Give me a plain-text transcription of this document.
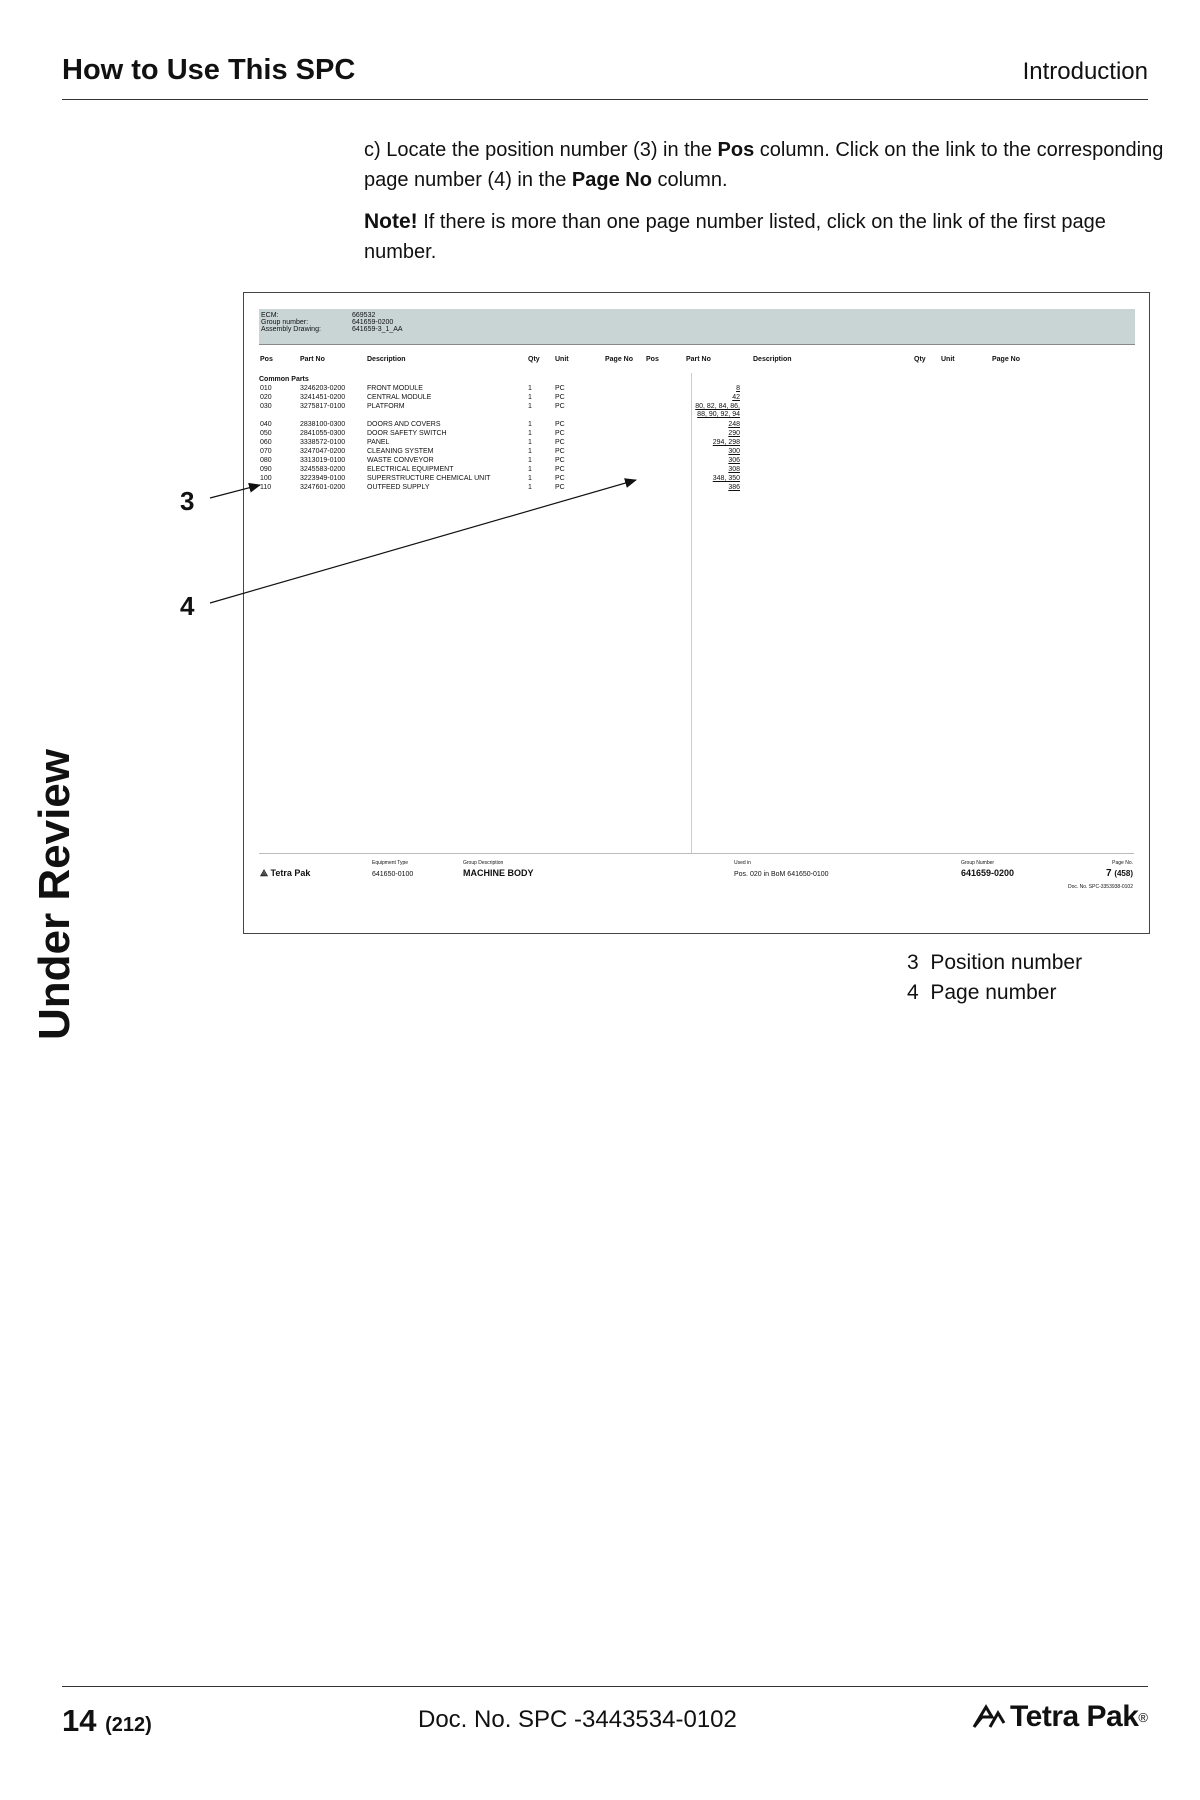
How to Use This SPC	Introduction
c) Locate the position number (3) in the Pos column. Click on the link to the corresponding page number (4) in the Page No column.
Note! If there is more than one page number listed, click on the link of the first page number.
Under Review
Common Parts
⟁ Tetra Pak
Equipment Type
641650-0100
Group Description
MACHINE BODY
Used in
Pos. 020 in BoM 641650-0100
Group Number
641659-0200
Page No.
7 (458)
Doc. No. SPC-3353938-0102
ECM:	669532
Group number:	641659-0200
Assembly Drawing:	641659-3_1_AA
Pos	Pos
Part No	Part No
Description	Description
Qty	Qty
Unit	Unit
Page No	Page No
010	3246203-0200	FRONT MODULE	1	PC	8
020	3241451-0200	CENTRAL MODULE	1	PC	42
030	3275817-0100	PLATFORM	1	PC	80, 82, 84, 86,
88, 90, 92, 94
040	2838100-0300	DOORS AND COVERS	1	PC	248
050	2841055-0300	DOOR SAFETY SWITCH	1	PC	290
060	3338572-0100	PANEL	1	PC	294, 298
070	3247047-0200	CLEANING SYSTEM	1	PC	300
080	3313019-0100	WASTE CONVEYOR	1	PC	306
090	3245583-0200	ELECTRICAL EQUIPMENT	1	PC	308
100	3223949-0100	SUPERSTRUCTURE CHEMICAL UNIT	1	PC	348, 350
110	3247601-0200	OUTFEED SUPPLY	1	PC	386
3
4
3 Position number
4 Page number
14 (212)	Doc. No. SPC -3443534-0102	Tetra Pak ®
